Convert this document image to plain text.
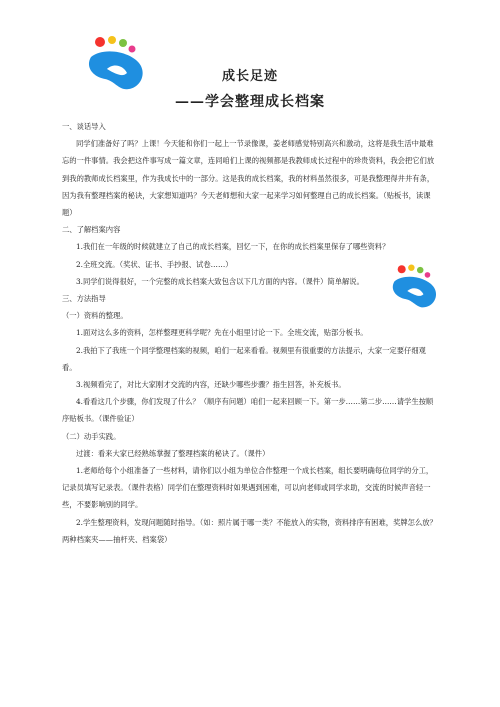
成长足迹
——学会整理成长档案

一、谈话导入

同学们准备好了吗？上课！今天能和你们一起上一节录像课，姜老师感觉特别高兴和激动，这将是我生活中最难忘的一件事情。我会把这件事写成一篇文章，连同咱们上课的视频都是我教师成长过程中的珍贵资料，我会把它们放到我的教师成长档案里，作为我成长中的一部分。这是我的成长档案，我的材料虽然很多，可是我整理得井井有条，因为我有整理档案的秘诀，大家想知道吗？今天老师想和大家一起来学习如何整理自己的成长档案。（贴板书，读课题）

二、了解档案内容

1.我们在一年级的时候就建立了自己的成长档案，回忆一下，在你的成长档案里保存了哪些资料？

2.全班交流。（奖状、证书、手抄报、试卷……）

3.同学们说得很好，一个完整的成长档案大致包含以下几方面的内容。（课件）简单解说。

三、方法指导

（一）资料的整理。

1.面对这么多的资料，怎样整理更科学呢？先在小组里讨论一下。全班交流，贴部分板书。

2.我拍下了我班一个同学整理档案的视频，咱们一起来看看。视频里有很重要的方法提示，大家一定要仔细观看。

3.视频看完了，对比大家刚才交流的内容，还缺少哪些步骤？指生回答，补充板书。

4.看看这几个步骤，你们发现了什么？（顺序有问题）咱们一起来回顾一下。第一步……第二步……请学生按顺序贴板书。（课件验证）

（二）动手实践。

过渡：看来大家已经熟练掌握了整理档案的秘诀了。（课件）

1.老师给每个小组准备了一些材料，请你们以小组为单位合作整理一个成长档案，组长要明确每位同学的分工，记录员填写记录表。（课件表格）同学们在整理资料时如果遇到困难，可以向老师或同学求助，交流的时候声音轻一些，不要影响别的同学。

2.学生整理资料，发现问题随时指导。（如：照片属于哪一类？不能放入的实物，资料排序有困难，奖牌怎么放？两种档案夹——抽杆夹、档案袋）
